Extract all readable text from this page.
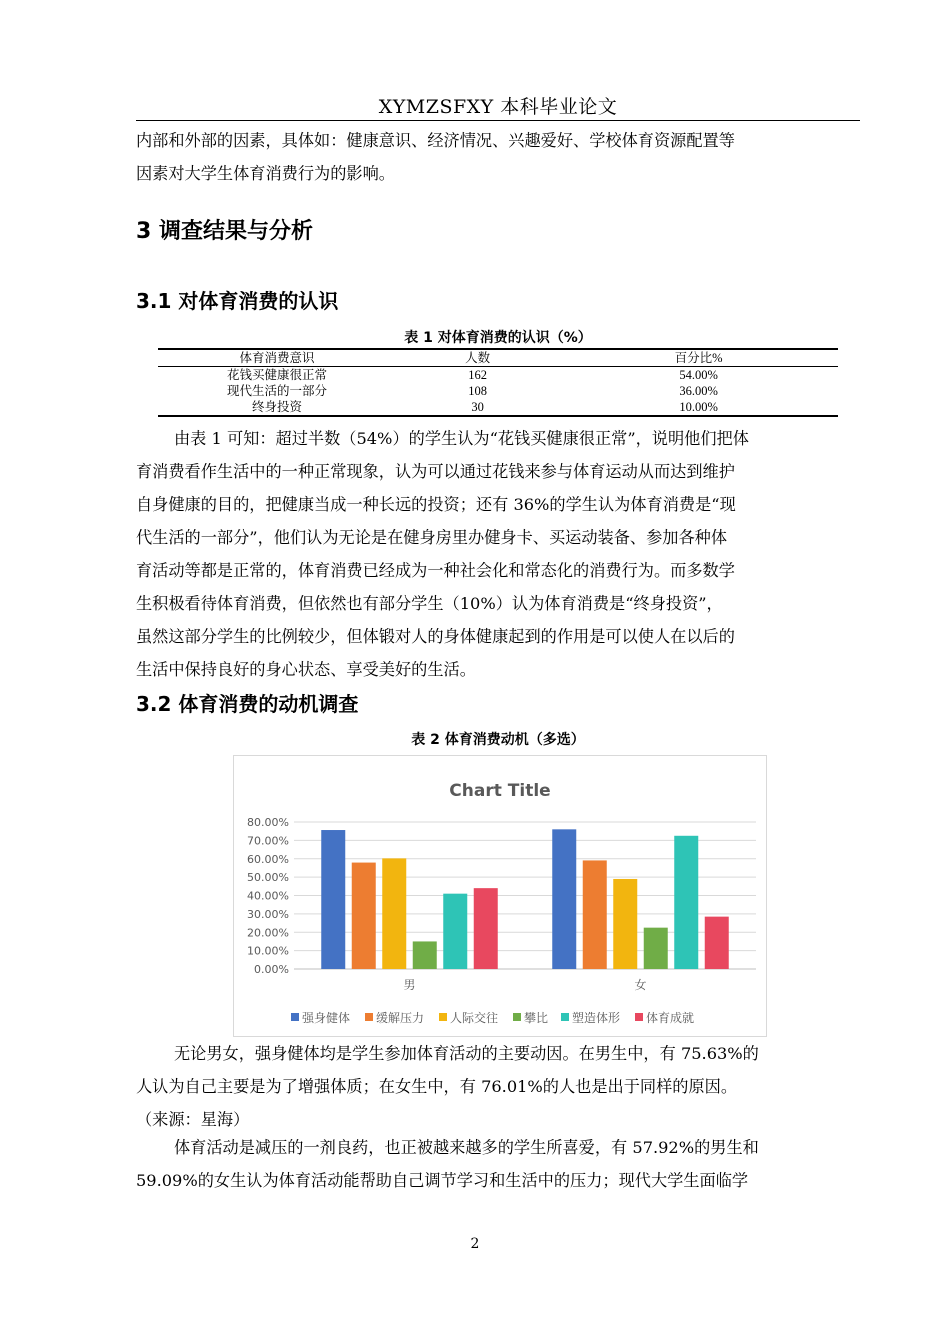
XYMZSFXY 本科毕业论文
内部和外部的因素，具体如：健康意识、经济情况、兴趣爱好、学校体育资源配置等
因素对大学生体育消费行为的影响。
3 调查结果与分析
3.1 对体育消费的认识
表 1 对体育消费的认识（%）
体育消费意识	人数	百分比%
花钱买健康很正常	162	54.00%
现代生活的一部分	108	36.00%
终身投资	30	10.00%
由表 1 可知：超过半数（54%）的学生认为“花钱买健康很正常”，说明他们把体
育消费看作生活中的一种正常现象，认为可以通过花钱来参与体育运动从而达到维护
自身健康的目的，把健康当成一种长远的投资；还有 36%的学生认为体育消费是“现
代生活的一部分”，他们认为无论是在健身房里办健身卡、买运动装备、参加各种体
育活动等都是正常的，体育消费已经成为一种社会化和常态化的消费行为。而多数学
生积极看待体育消费，但依然也有部分学生（10%）认为体育消费是“终身投资”，
虽然这部分学生的比例较少，但体锻对人的身体健康起到的作用是可以使人在以后的
生活中保持良好的身心状态、享受美好的生活。
3.2 体育消费的动机调查
表 2 体育消费动机（多选）
Chart Title
0.00%
10.00%
20.00%
30.00%
40.00%
50.00%
60.00%
70.00%
80.00%
男	女
强身健体 缓解压力 人际交往 攀比 塑造体形 体育成就
无论男女，强身健体均是学生参加体育活动的主要动因。在男生中，有 75.63%的
人认为自己主要是为了增强体质；在女生中，有 76.01%的人也是出于同样的原因。
（来源：星海）
体育活动是减压的一剂良药，也正被越来越多的学生所喜爱，有 57.92%的男生和
59.09%的女生认为体育活动能帮助自己调节学习和生活中的压力；现代大学生面临学
2
